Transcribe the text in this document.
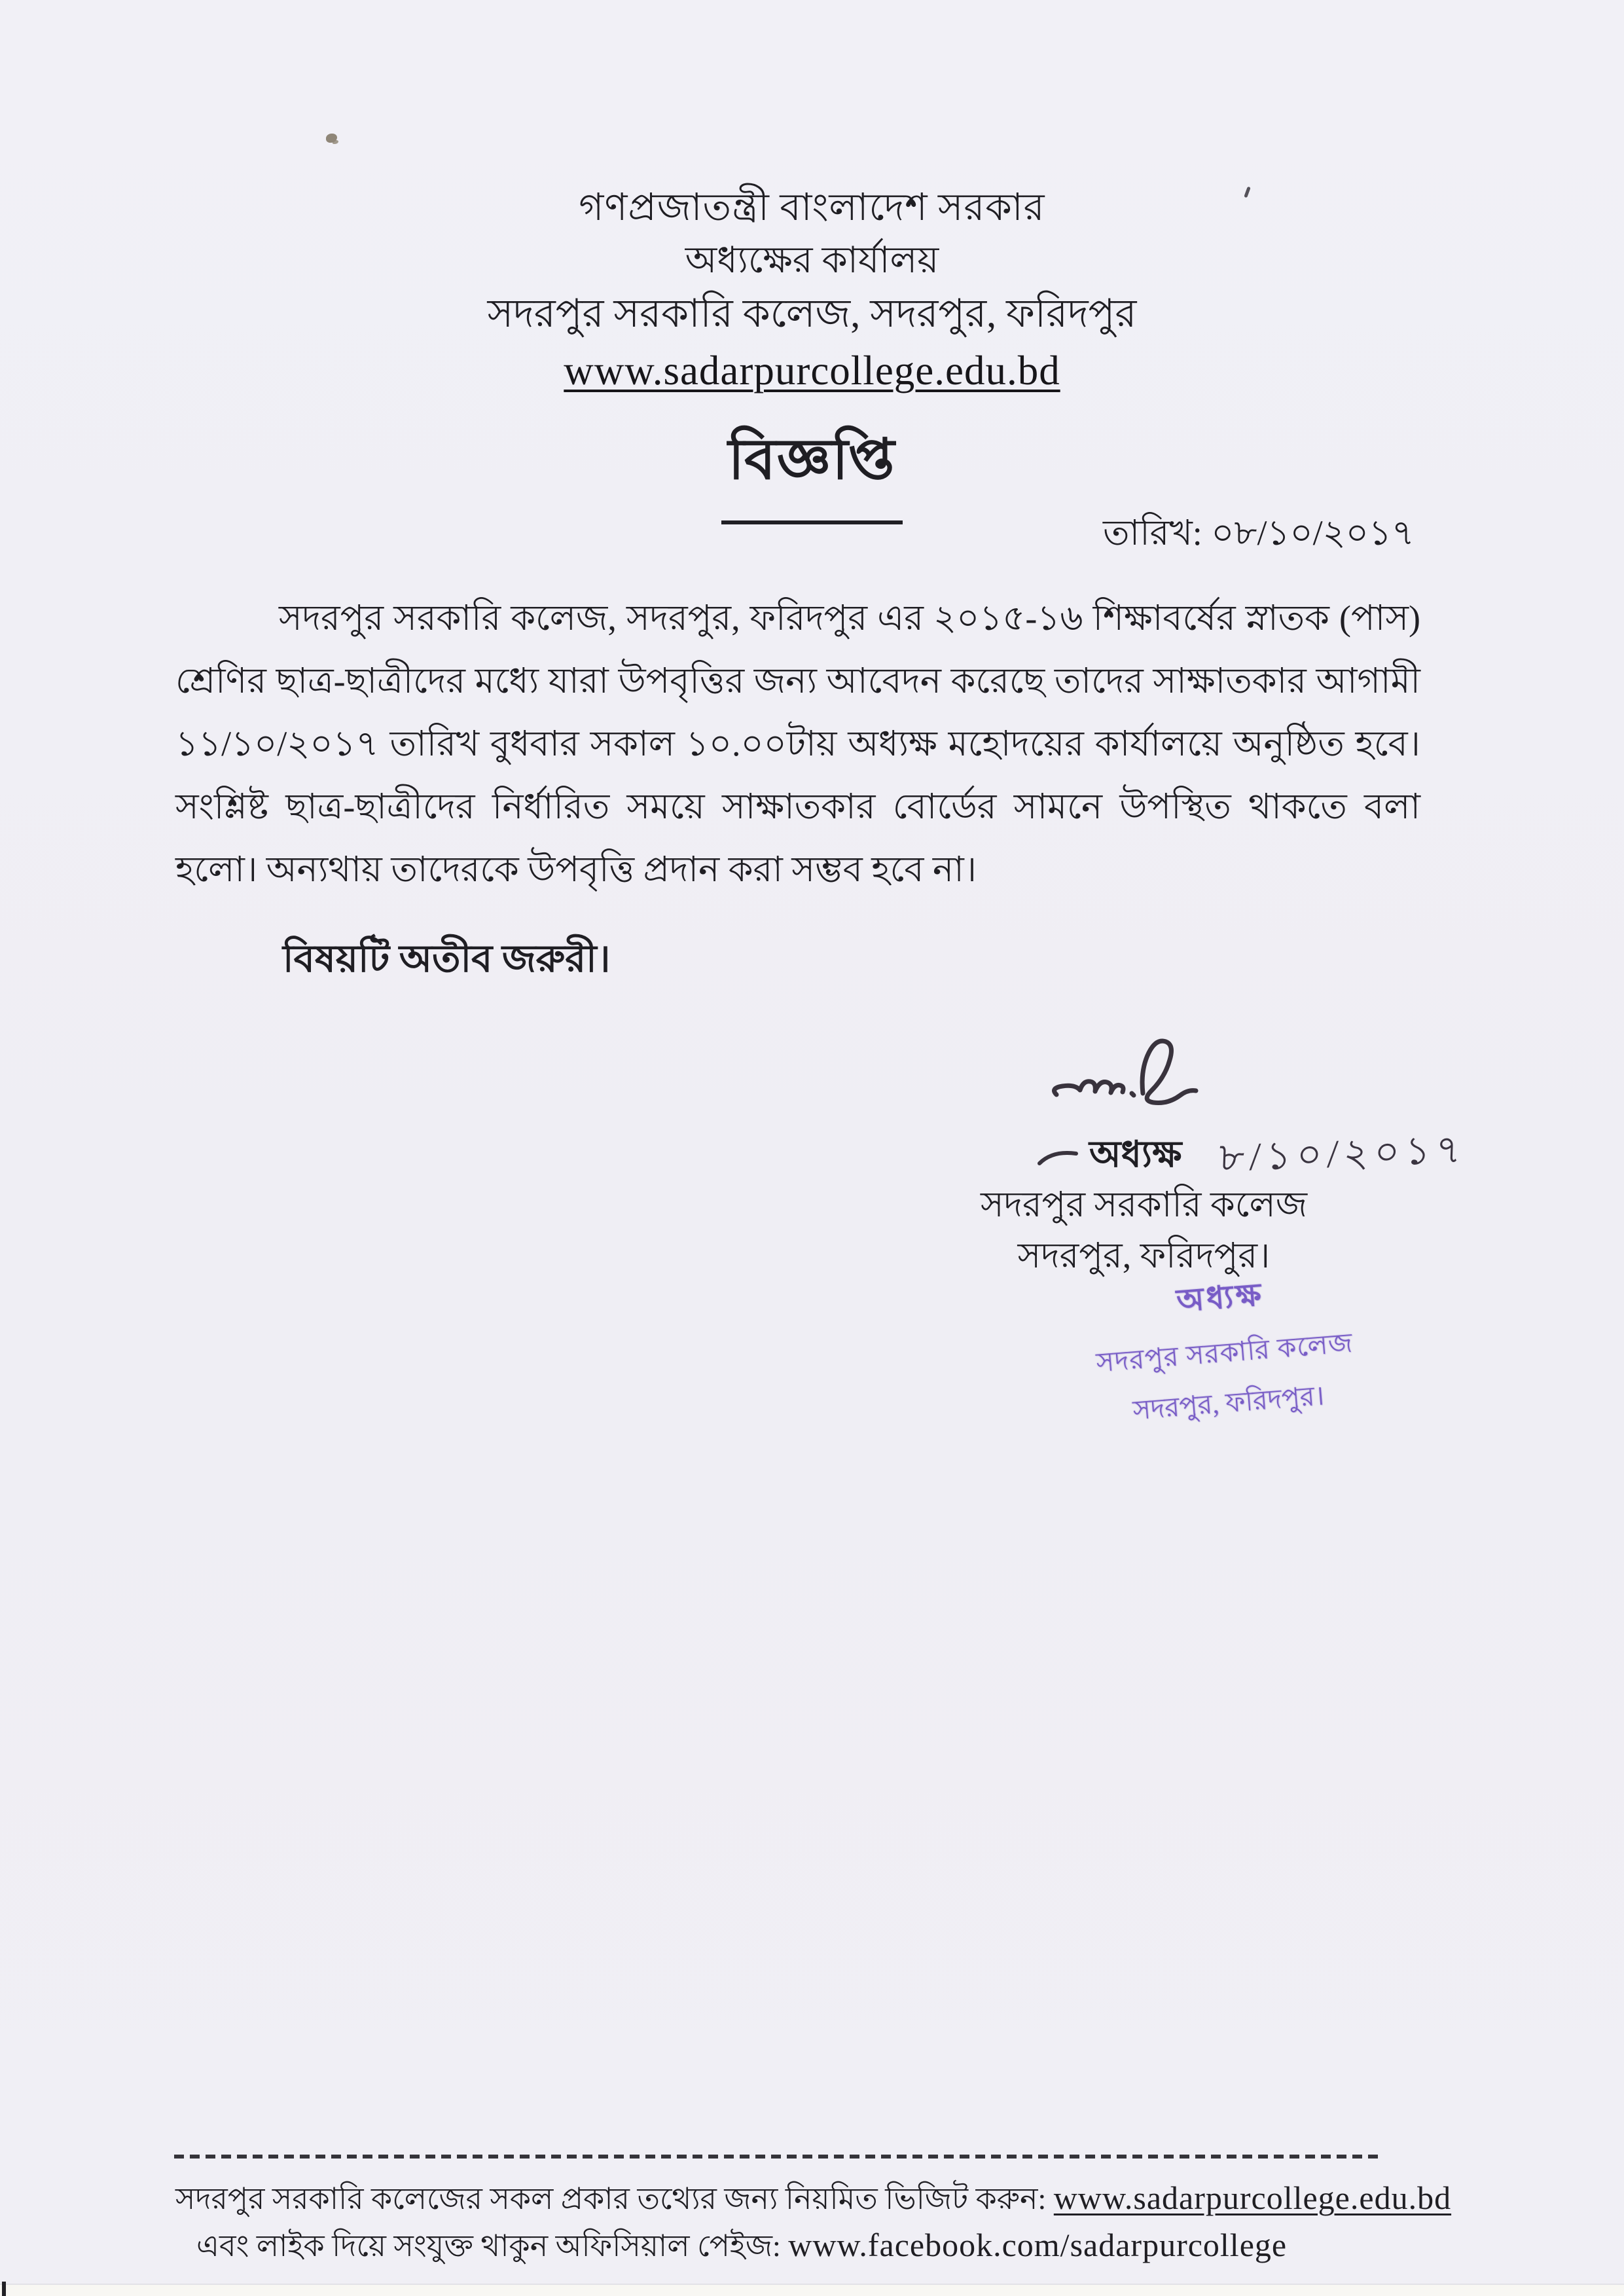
গণপ্রজাতন্ত্রী বাংলাদেশ সরকার
অধ্যক্ষের কার্যালয়
সদরপুর সরকারি কলেজ, সদরপুর, ফরিদপুর
www.sadarpurcollege.edu.bd
বিজ্ঞপ্তি
তারিখ: ০৮/১০/২০১৭

সদরপুর সরকারি কলেজ, সদরপুর, ফরিদপুর এর ২০১৫-১৬ শিক্ষাবর্ষের স্নাতক (পাস) শ্রেণির ছাত্র-ছাত্রীদের মধ্যে যারা উপবৃত্তির জন্য আবেদন করেছে তাদের সাক্ষাতকার আগামী ১১/১০/২০১৭ তারিখ বুধবার সকাল ১০.০০টায় অধ্যক্ষ মহোদয়ের কার্যালয়ে অনুষ্ঠিত হবে। সংশ্লিষ্ট ছাত্র-ছাত্রীদের নির্ধারিত সময়ে সাক্ষাতকার বোর্ডের সামনে উপস্থিত থাকতে বলা হলো। অন্যথায় তাদেরকে উপবৃত্তি প্রদান করা সম্ভব হবে না।

বিষয়টি অতীব জরুরী।
অধ্যক্ষ ৮/১০/২০১৭
সদরপুর সরকারি কলেজ
সদরপুর, ফরিদপুর।
অধ্যক্ষ
সদরপুর সরকারি কলেজ
সদরপুর, ফরিদপুর।
সদরপুর সরকারি কলেজের সকল প্রকার তথ্যের জন্য নিয়মিত ভিজিট করুন: www.sadarpurcollege.edu.bd
এবং লাইক দিয়ে সংযুক্ত থাকুন অফিসিয়াল পেইজ: www.facebook.com/sadarpurcollege
